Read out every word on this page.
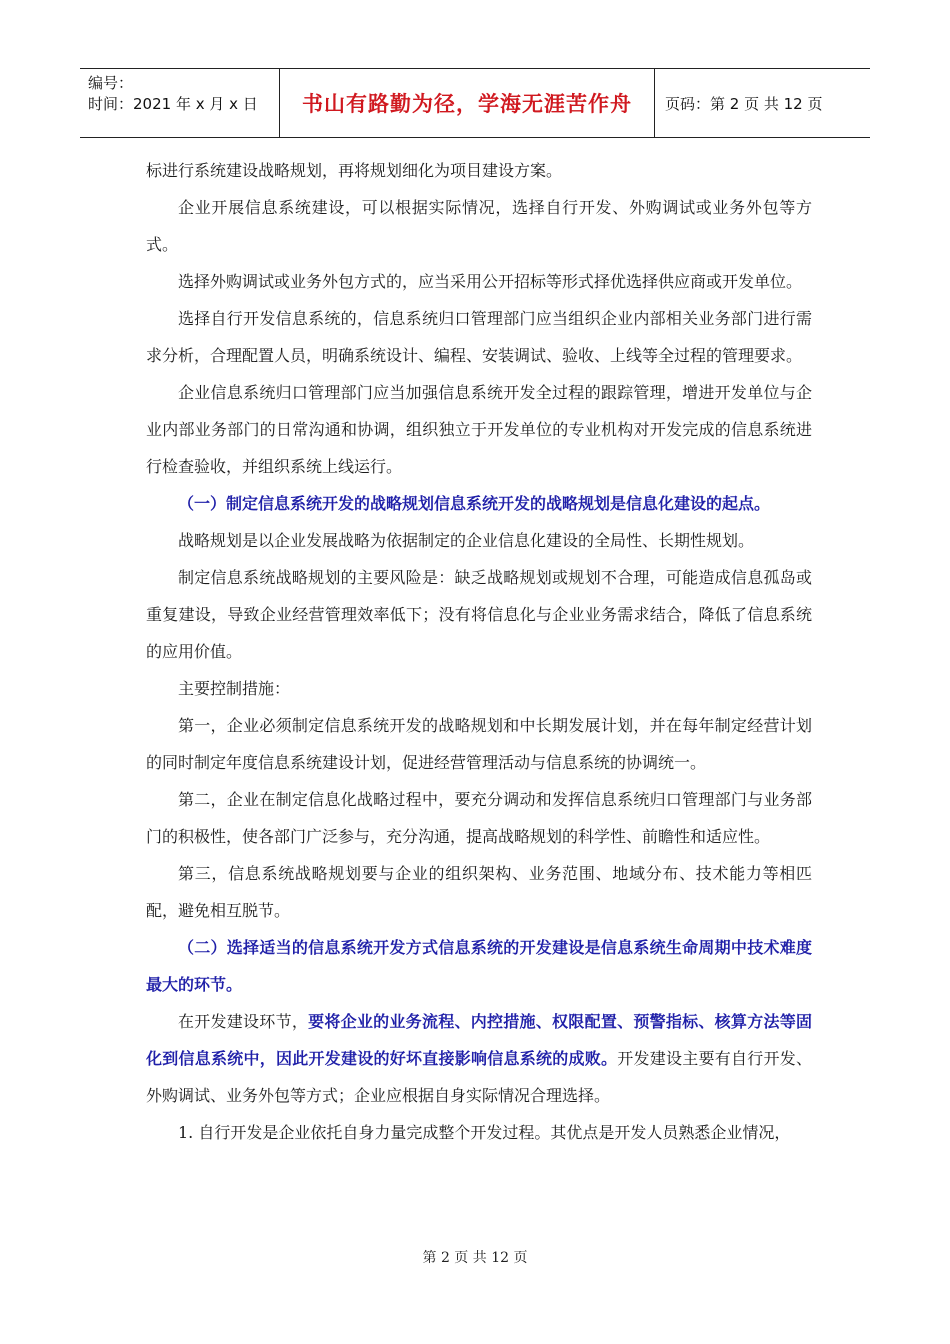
编号：
时间：2021 年 x 月 x 日	书山有路勤为径，学海无涯苦作舟	页码：第 2 页 共 12 页

标进行系统建设战略规划，再将规划细化为项目建设方案。

企业开展信息系统建设，可以根据实际情况，选择自行开发、外购调试或业务外包等方式。

选择外购调试或业务外包方式的，应当采用公开招标等形式择优选择供应商或开发单位。

选择自行开发信息系统的，信息系统归口管理部门应当组织企业内部相关业务部门进行需求分析，合理配置人员，明确系统设计、编程、安装调试、验收、上线等全过程的管理要求。

企业信息系统归口管理部门应当加强信息系统开发全过程的跟踪管理，增进开发单位与企业内部业务部门的日常沟通和协调，组织独立于开发单位的专业机构对开发完成的信息系统进行检查验收，并组织系统上线运行。

（一）制定信息系统开发的战略规划信息系统开发的战略规划是信息化建设的起点。

战略规划是以企业发展战略为依据制定的企业信息化建设的全局性、长期性规划。

制定信息系统战略规划的主要风险是：缺乏战略规划或规划不合理，可能造成信息孤岛或重复建设，导致企业经营管理效率低下；没有将信息化与企业业务需求结合，降低了信息系统的应用价值。

主要控制措施：

第一，企业必须制定信息系统开发的战略规划和中长期发展计划，并在每年制定经营计划的同时制定年度信息系统建设计划，促进经营管理活动与信息系统的协调统一。

第二，企业在制定信息化战略过程中，要充分调动和发挥信息系统归口管理部门与业务部门的积极性，使各部门广泛参与，充分沟通，提高战略规划的科学性、前瞻性和适应性。

第三，信息系统战略规划要与企业的组织架构、业务范围、地域分布、技术能力等相匹配，避免相互脱节。

（二）选择适当的信息系统开发方式信息系统的开发建设是信息系统生命周期中技术难度最大的环节。

在开发建设环节，要将企业的业务流程、内控措施、权限配置、预警指标、核算方法等固化到信息系统中，因此开发建设的好坏直接影响信息系统的成败。开发建设主要有自行开发、外购调试、业务外包等方式；企业应根据自身实际情况合理选择。

1. 自行开发是企业依托自身力量完成整个开发过程。其优点是开发人员熟悉企业情况，

第 2 页 共 12 页
